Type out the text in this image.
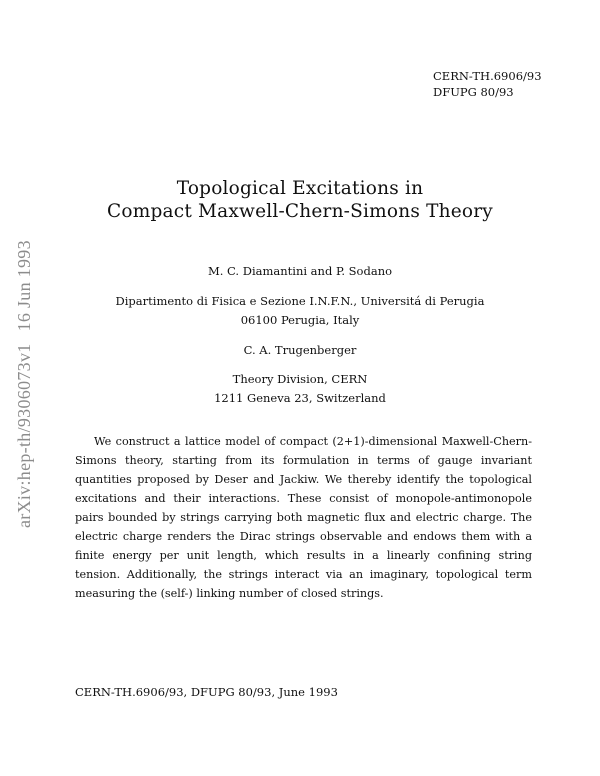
CERN-TH.6906/93
DFUPG 80/93
arXiv:hep-th/9306073v116 Jun 1993
Topological Excitations in
Compact Maxwell-Chern-Simons Theory
M. C. Diamantini and P. Sodano
Dipartimento di Fisica e Sezione I.N.F.N., Universitá di Perugia
06100 Perugia, Italy
C. A. Trugenberger
Theory Division, CERN
1211 Geneva 23, Switzerland

We construct a lattice model of compact (2+1)-dimensional Maxwell-Chern-Simons theory, starting from its formulation in terms of gauge invariant quantities proposed by Deser and Jackiw. We thereby identify the topological excitations and their interactions. These consist of monopole-antimonopole pairs bounded by strings carrying both magnetic flux and electric charge. The electric charge renders the Dirac strings observable and endows them with a finite energy per unit length, which results in a linearly confining string tension. Additionally, the strings interact via an imaginary, topological term measuring the (self-) linking number of closed strings.

CERN-TH.6906/93, DFUPG 80/93, June 1993
